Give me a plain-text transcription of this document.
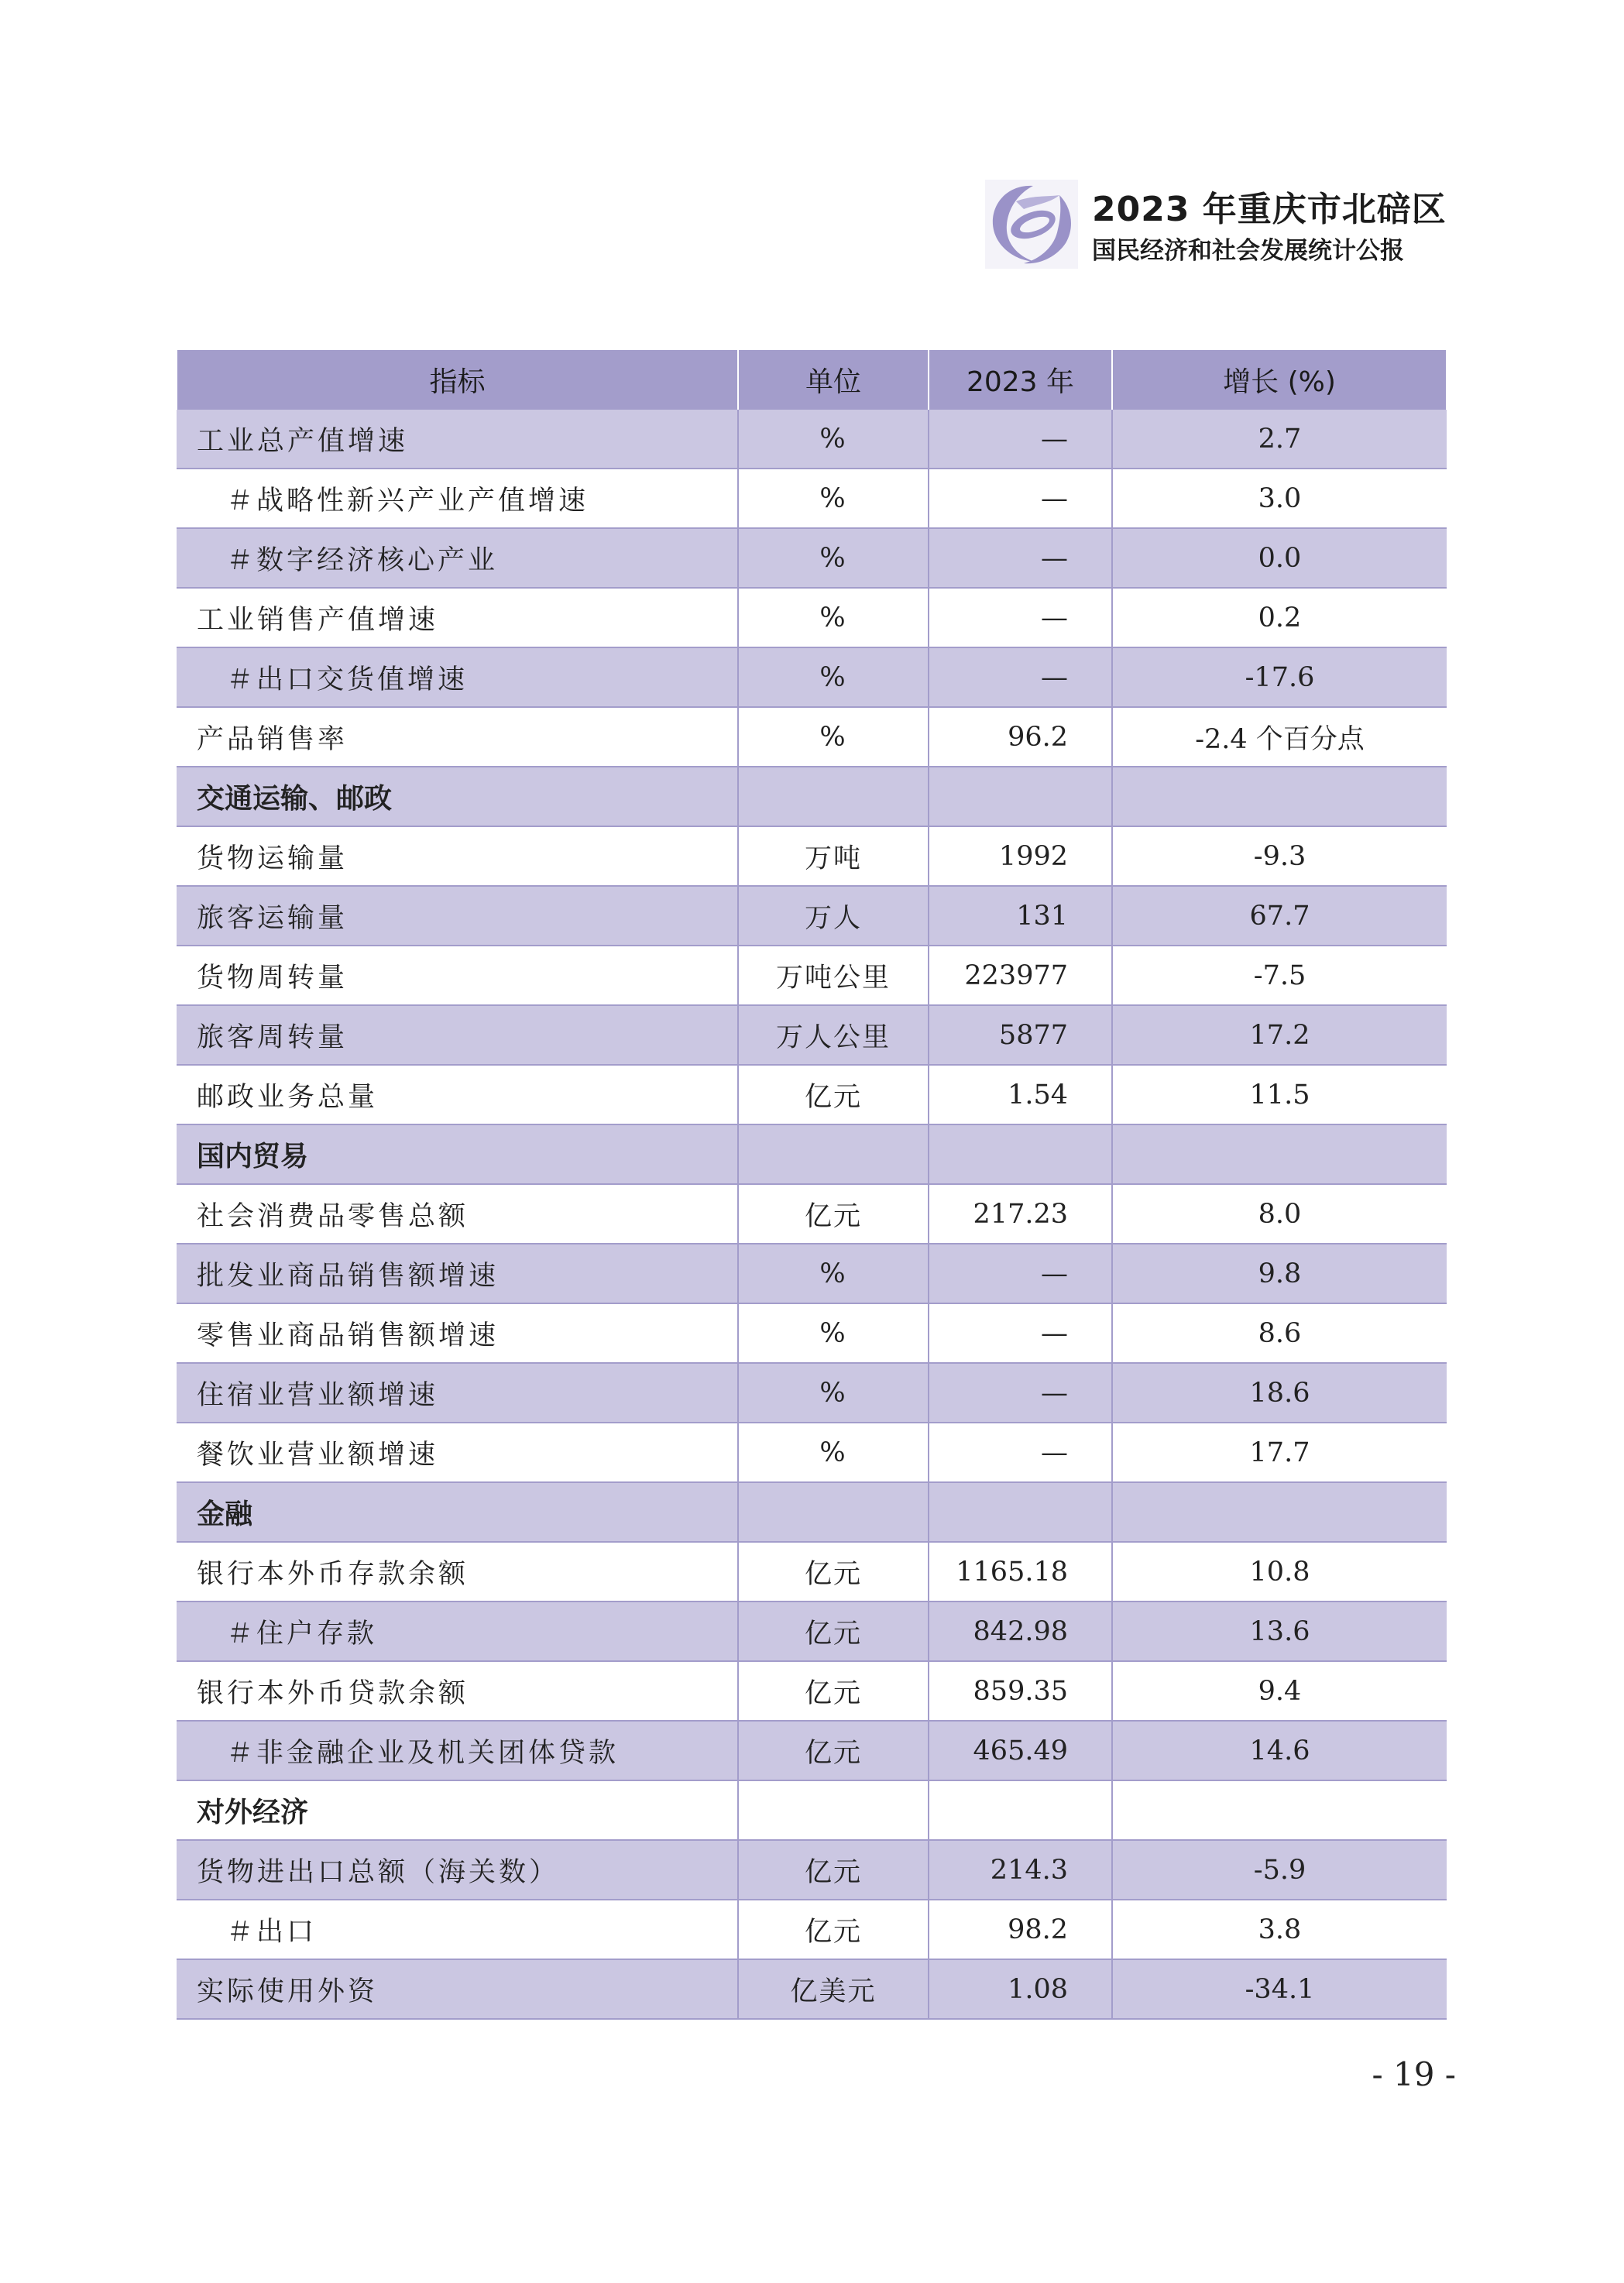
2023 年重庆市北碚区
国民经济和社会发展统计公报
指标	单位	2023 年	增长 (%)
工业总产值增速	%	—	2.7
＃战略性新兴产业产值增速	%	—	3.0
＃数字经济核心产业	%	—	0.0
工业销售产值增速	%	—	0.2
＃出口交货值增速	%	—	-17.6
产品销售率	%	96.2	-2.4 个百分点
交通运输、邮政			
货物运输量	万吨	1992	-9.3
旅客运输量	万人	131	67.7
货物周转量	万吨公里	223977	-7.5
旅客周转量	万人公里	5877	17.2
邮政业务总量	亿元	1.54	11.5
国内贸易			
社会消费品零售总额	亿元	217.23	8.0
批发业商品销售额增速	%	—	9.8
零售业商品销售额增速	%	—	8.6
住宿业营业额增速	%	—	18.6
餐饮业营业额增速	%	—	17.7
金融			
银行本外币存款余额	亿元	1165.18	10.8
＃住户存款	亿元	842.98	13.6
银行本外币贷款余额	亿元	859.35	9.4
＃非金融企业及机关团体贷款	亿元	465.49	14.6
对外经济			
货物进出口总额（海关数）	亿元	214.3	-5.9
＃出口	亿元	98.2	3.8
实际使用外资	亿美元	1.08	-34.1
- 19 -
